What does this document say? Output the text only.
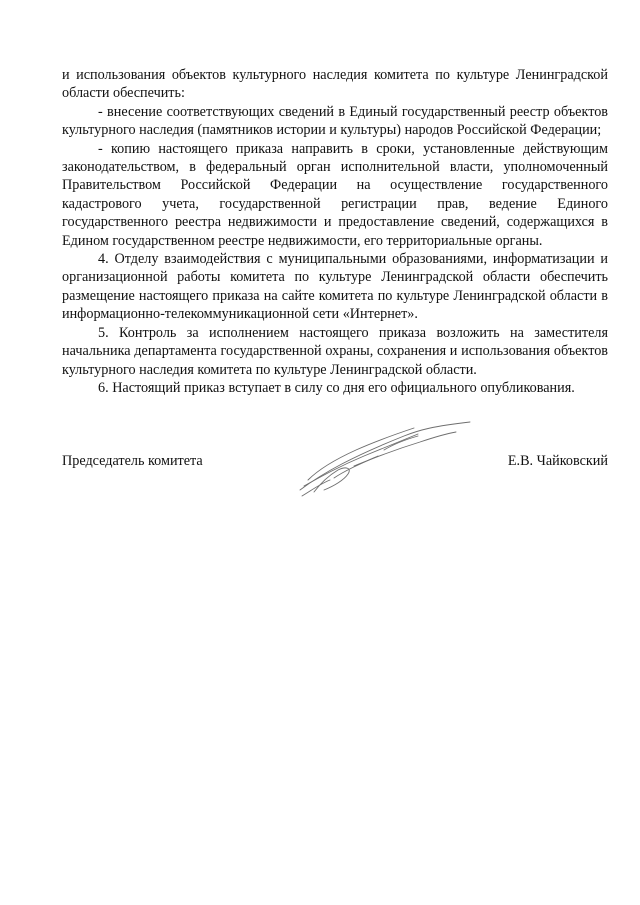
и использования объектов культурного наследия комитета по культуре Ленинградской области обеспечить:

- внесение соответствующих сведений в Единый государственный реестр объектов культурного наследия (памятников истории и культуры) народов Российской Федерации;

- копию настоящего приказа направить в сроки, установленные действующим законодательством, в федеральный орган исполнительной власти, уполномоченный Правительством Российской Федерации на осуществление государственного кадастрового учета, государственной регистрации прав, ведение Единого государственного реестра недвижимости и предоставление сведений, содержащихся в Едином государственном реестре недвижимости, его территориальные органы.

4. Отделу взаимодействия с муниципальными образованиями, информатизации и организационной работы комитета по культуре Ленинградской области обеспечить размещение настоящего приказа на сайте комитета по культуре Ленинградской области в информационно-телекоммуникационной сети «Интернет».

5. Контроль за исполнением настоящего приказа возложить на заместителя начальника департамента государственной охраны, сохранения и использования объектов культурного наследия комитета по культуре Ленинградской области.

6. Настоящий приказ вступает в силу со дня его официального опубликования.

Председатель комитета	Е.В. Чайковский
